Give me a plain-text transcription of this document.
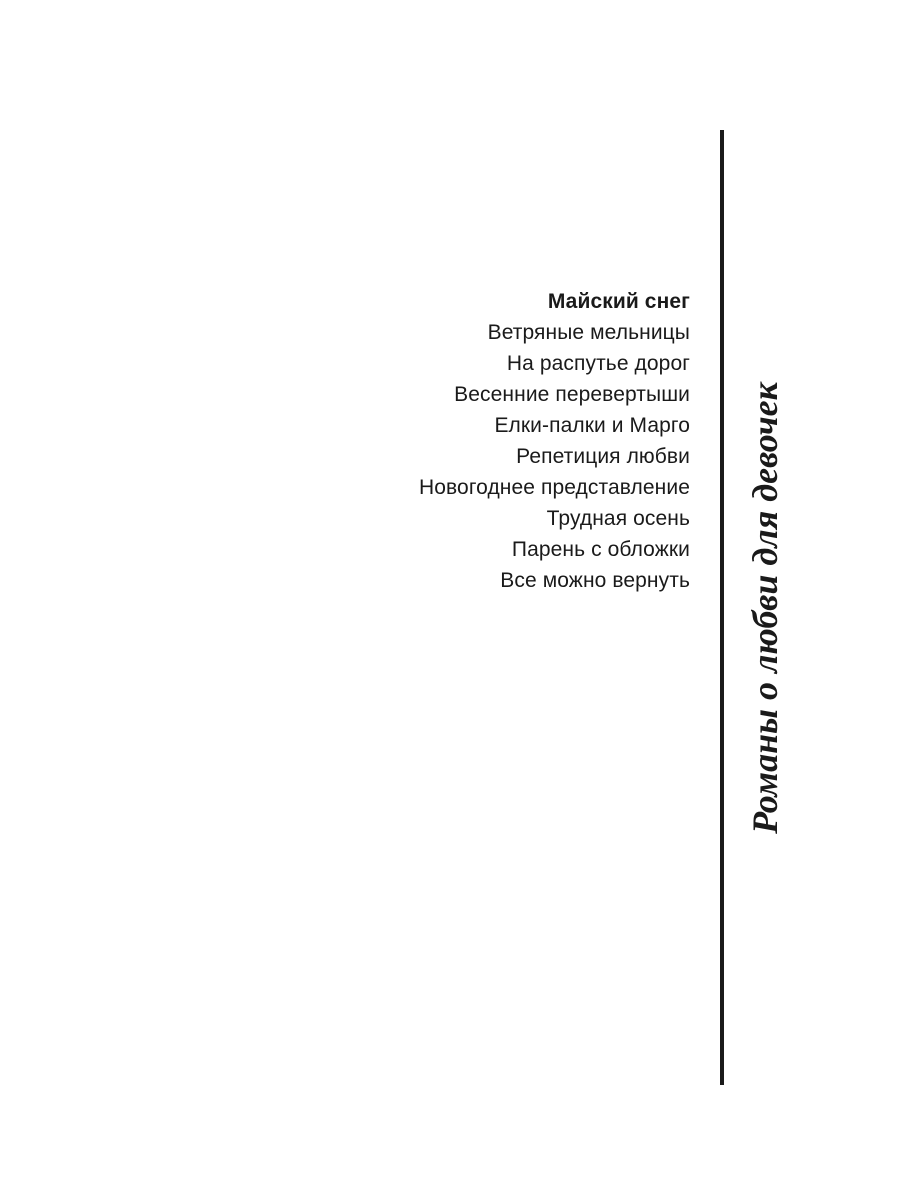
Майский снег
Ветряные мельницы
На распутье дорог
Весенние перевертыши
Елки-палки и Марго
Репетиция любви
Новогоднее представление
Трудная осень
Парень с обложки
Все можно вернуть Романы о любви для девочек
